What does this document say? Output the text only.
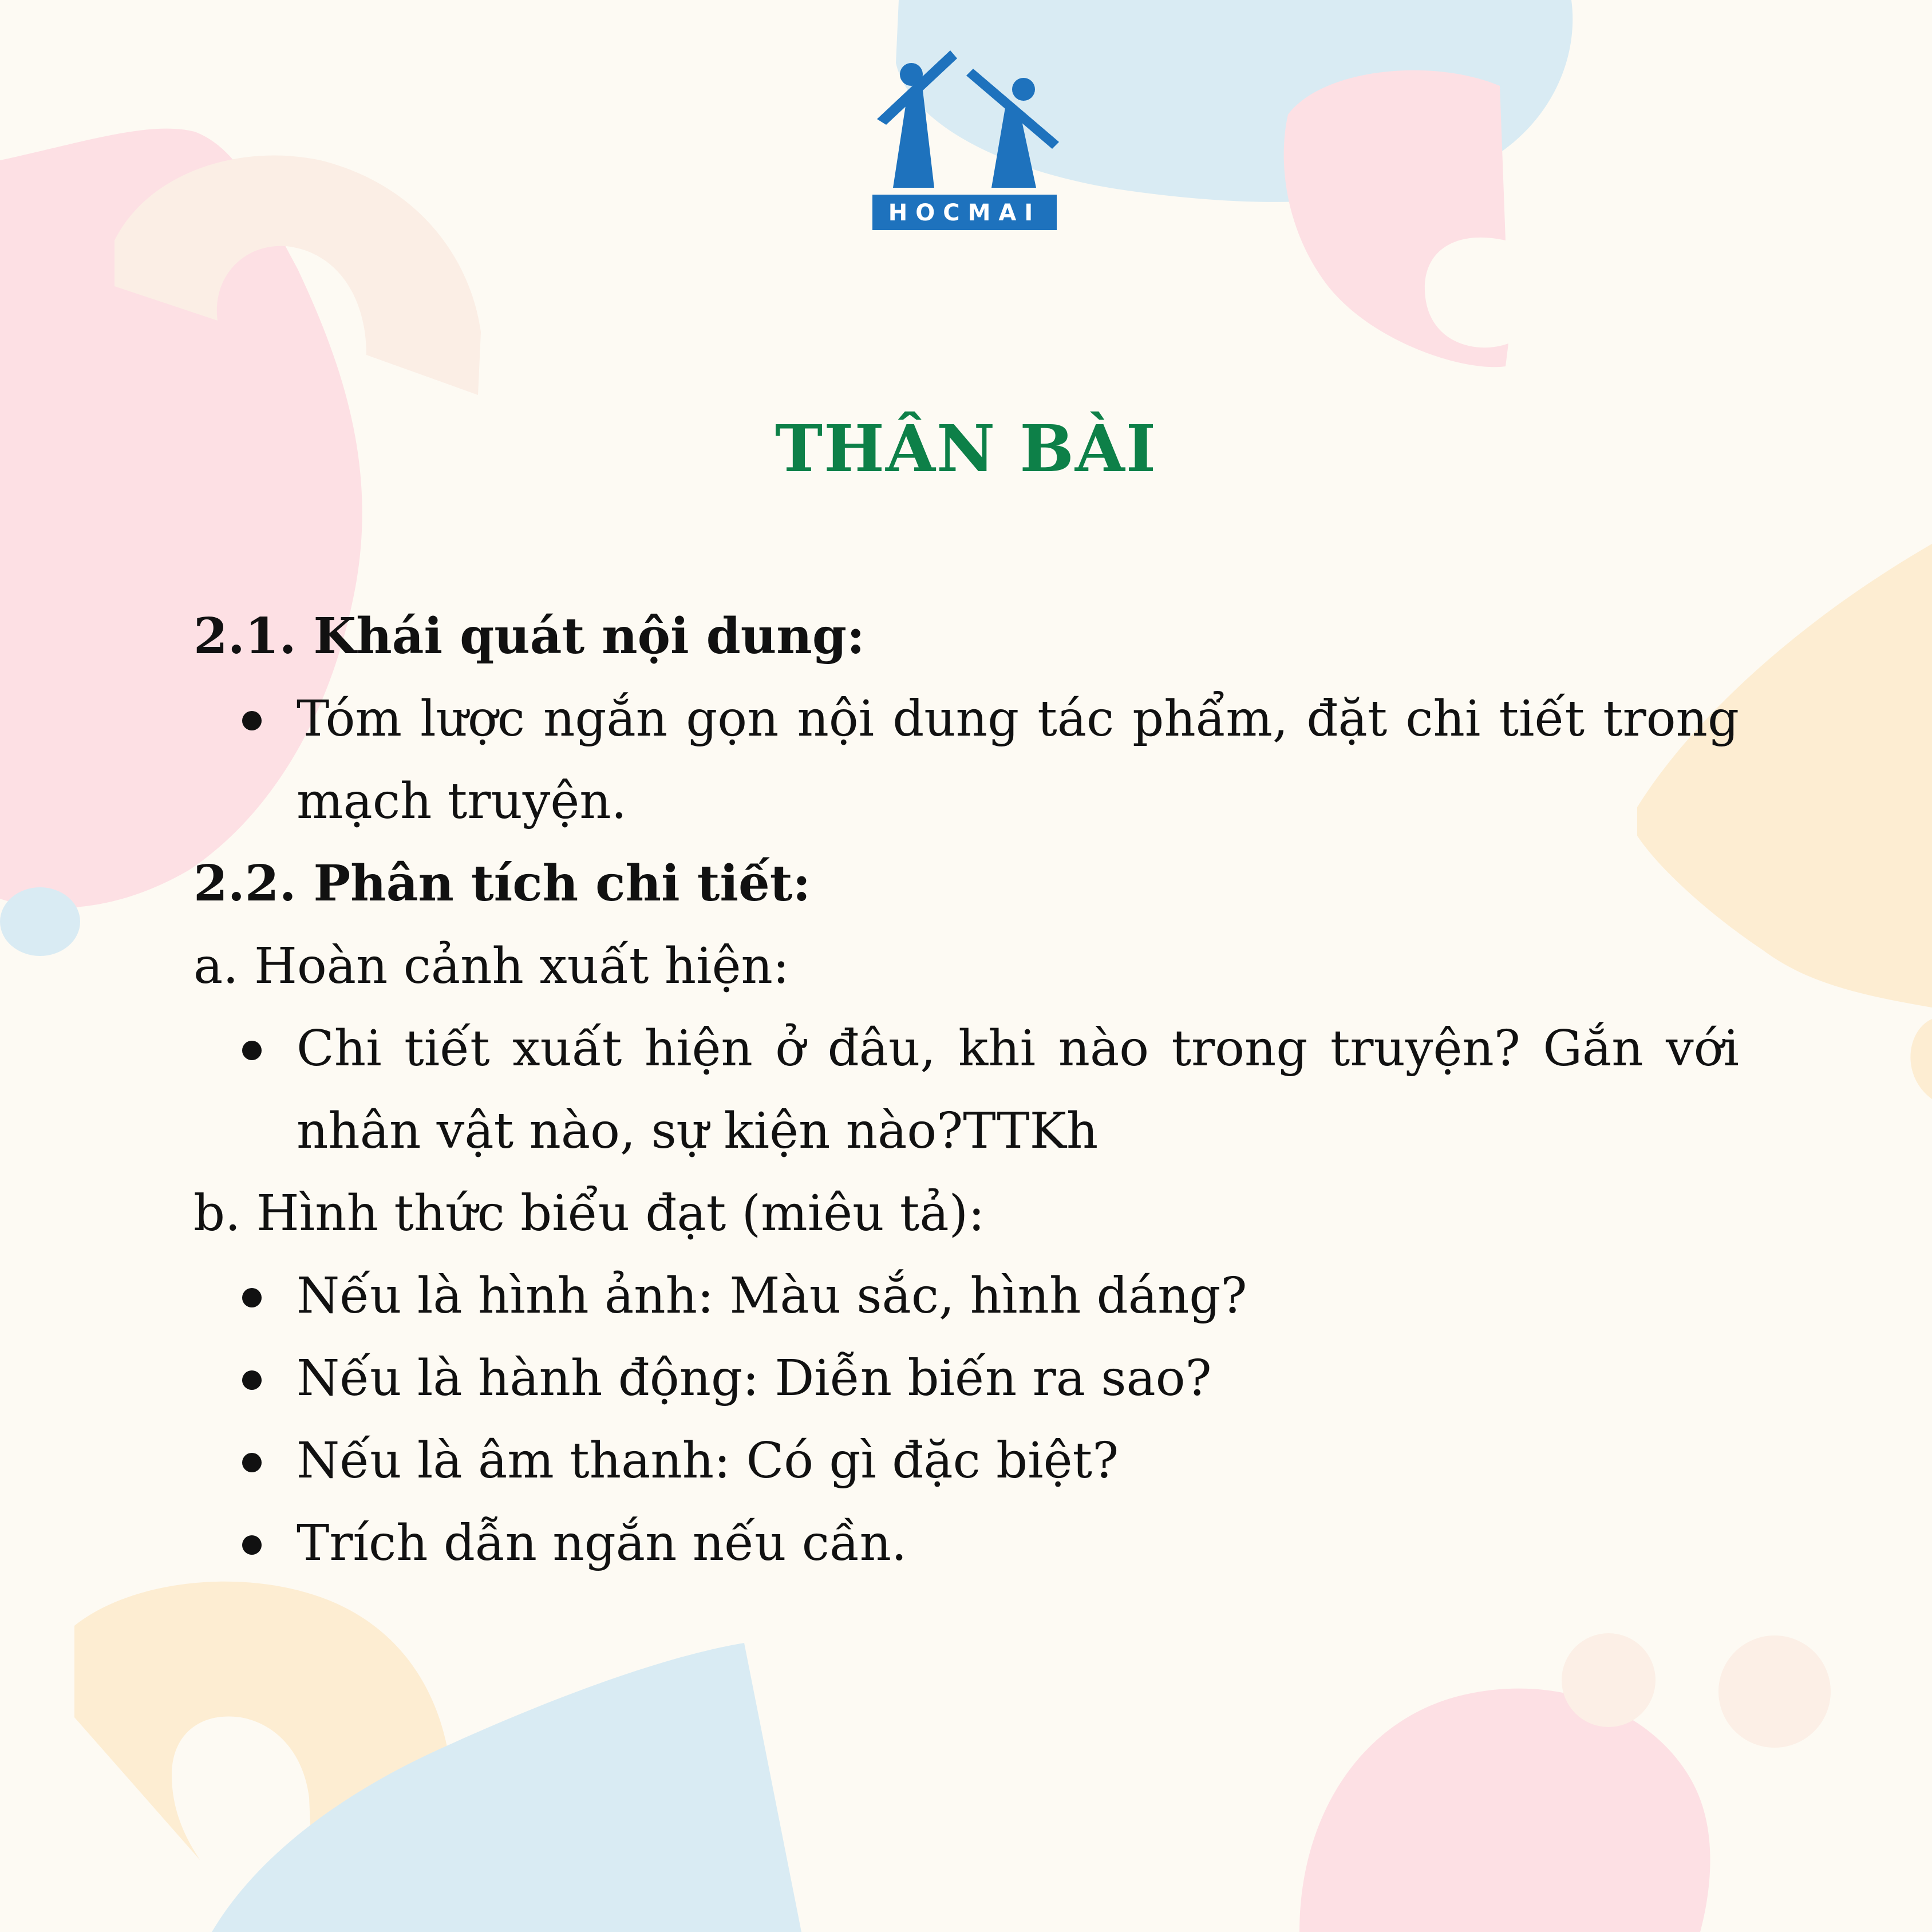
HOCMAI
THÂN BÀI

2.1. Khái quát nội dung:

Tóm lược ngắn gọn nội dung tác phẩm, đặt chi tiết trong mạch truyện.

2.2. Phân tích chi tiết:

a. Hoàn cảnh xuất hiện:

Chi tiết xuất hiện ở đâu, khi nào trong truyện? Gắn với nhân vật nào, sự kiện nào?TTKh

b. Hình thức biểu đạt (miêu tả):

Nếu là hình ảnh: Màu sắc, hình dáng?
Nếu là hành động: Diễn biến ra sao?
Nếu là âm thanh: Có gì đặc biệt?
Trích dẫn ngắn nếu cần.
